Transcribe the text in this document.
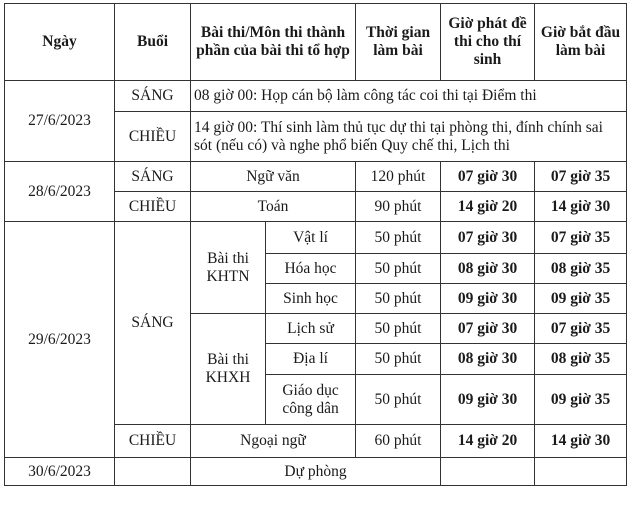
Ngày	Buổi	Bài thi/Môn thi thành phần của bài thi tổ hợp		Thời gian làm bài	Giờ phát đề thi cho thí sinh	Giờ bắt đầu làm bài
27/6/2023	SÁNG	08 giờ 00: Họp cán bộ làm công tác coi thi tại Điểm thi				
	CHIỀU	14 giờ 00: Thí sinh làm thủ tục dự thi tại phòng thi, đính chính sai sót (nếu có) và nghe phổ biến Quy chế thi, Lịch thi				
28/6/2023	SÁNG	Ngữ văn		120 phút	07 giờ 30	07 giờ 35
	CHIỀU	Toán		90 phút	14 giờ 20	14 giờ 30
29/6/2023	SÁNG	Bài thi KHTN	Vật lí	50 phút	07 giờ 30	07 giờ 35
			Hóa học	50 phút	08 giờ 30	08 giờ 35
			Sinh học	50 phút	09 giờ 30	09 giờ 35
		Bài thi KHXH	Lịch sử	50 phút	07 giờ 30	07 giờ 35
			Địa lí	50 phút	08 giờ 30	08 giờ 35
			Giáo dục công dân	50 phút	09 giờ 30	09 giờ 35
	CHIỀU	Ngoại ngữ		60 phút	14 giờ 20	14 giờ 30
30/6/2023		Dự phòng				
